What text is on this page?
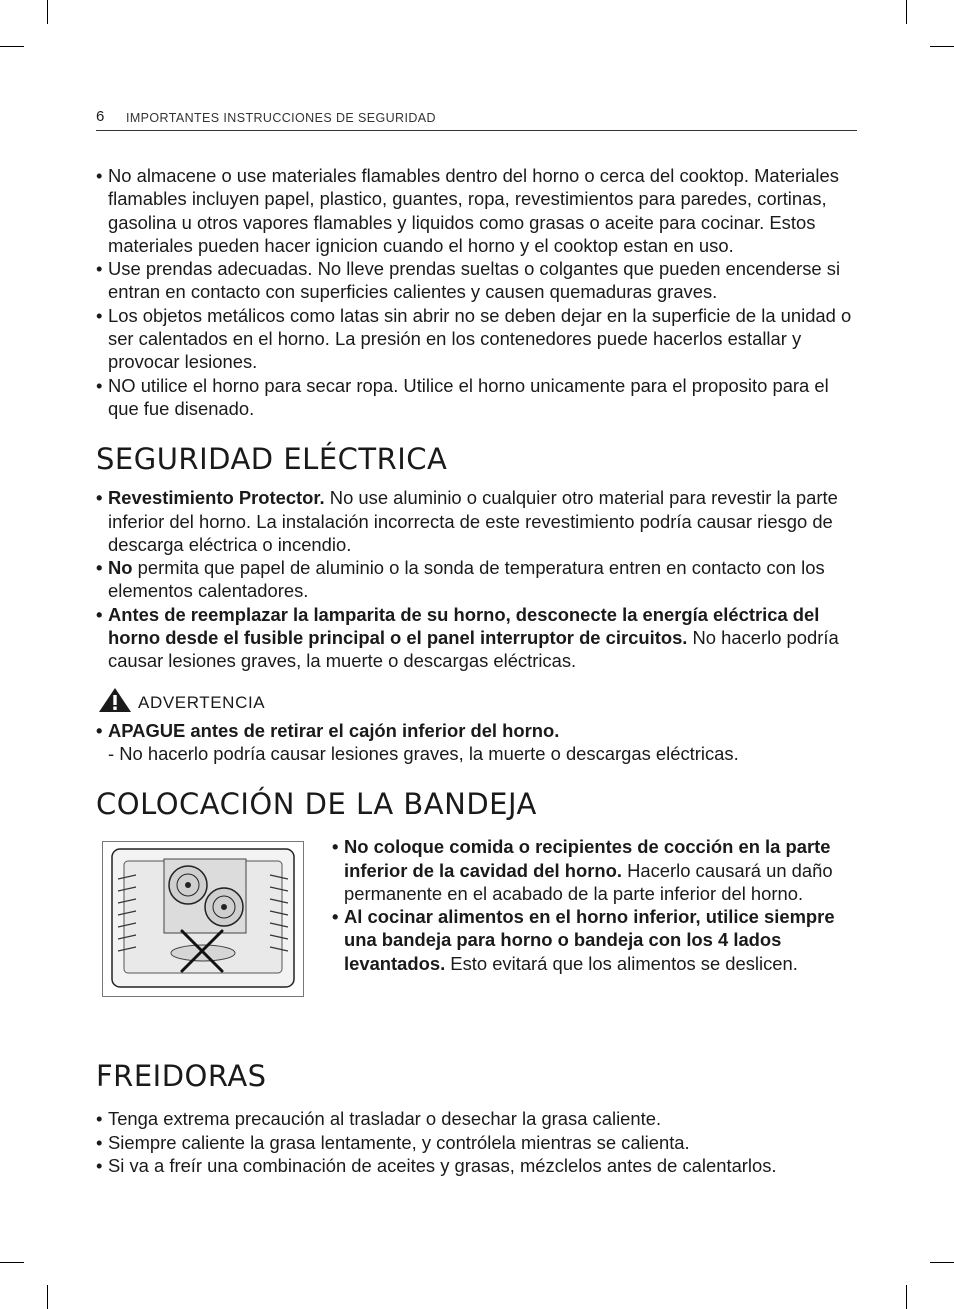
6 IMPORTANTES INSTRUCCIONES DE SEGURIDAD
• No almacene o use materiales flamables dentro del horno o cerca del cooktop. Materiales flamables incluyen papel, plastico, guantes, ropa, revestimientos para paredes, cortinas, gasolina u otros vapores flamables y liquidos como grasas o aceite para cocinar. Estos materiales pueden hacer ignicion cuando el horno y el cooktop estan en uso.
• Use prendas adecuadas. No lleve prendas sueltas o colgantes que pueden encenderse si entran en contacto con superficies calientes y causen quemaduras graves.
• Los objetos metálicos como latas sin abrir no se deben dejar en la superficie de la unidad o ser calentados en el horno. La presión en los contenedores puede hacerlos estallar y provocar lesiones.
• NO utilice el horno para secar ropa. Utilice el horno unicamente para el proposito para el que fue disenado.
SEGURIDAD ELÉCTRICA
• Revestimiento Protector. No use aluminio o cualquier otro material para revestir la parte inferior del horno. La instalación incorrecta de este revestimiento podría causar riesgo de descarga eléctrica o incendio.
• No permita que papel de aluminio o la sonda de temperatura entren en contacto con los elementos calentadores.
• Antes de reemplazar la lamparita de su horno, desconecte la energía eléctrica del horno desde el fusible principal o el panel interruptor de circuitos. No hacerlo podría causar lesiones graves, la muerte o descargas eléctricas.
ADVERTENCIA
• APAGUE antes de retirar el cajón inferior del horno.
- No hacerlo podría causar lesiones graves, la muerte o descargas eléctricas.
COLOCACIÓN DE LA BANDEJA
• No coloque comida o recipientes de cocción en la parte inferior de la cavidad del horno. Hacerlo causará un daño permanente en el acabado de la parte inferior del horno.
• Al cocinar alimentos en el horno inferior, utilice siempre una bandeja para horno o bandeja con los 4 lados levantados. Esto evitará que los alimentos se deslicen.
FREIDORAS
• Tenga extrema precaución al trasladar o desechar la grasa caliente.
• Siempre caliente la grasa lentamente, y contrólela mientras se calienta.
• Si va a freír una combinación de aceites y grasas, mézclelos antes de calentarlos.
